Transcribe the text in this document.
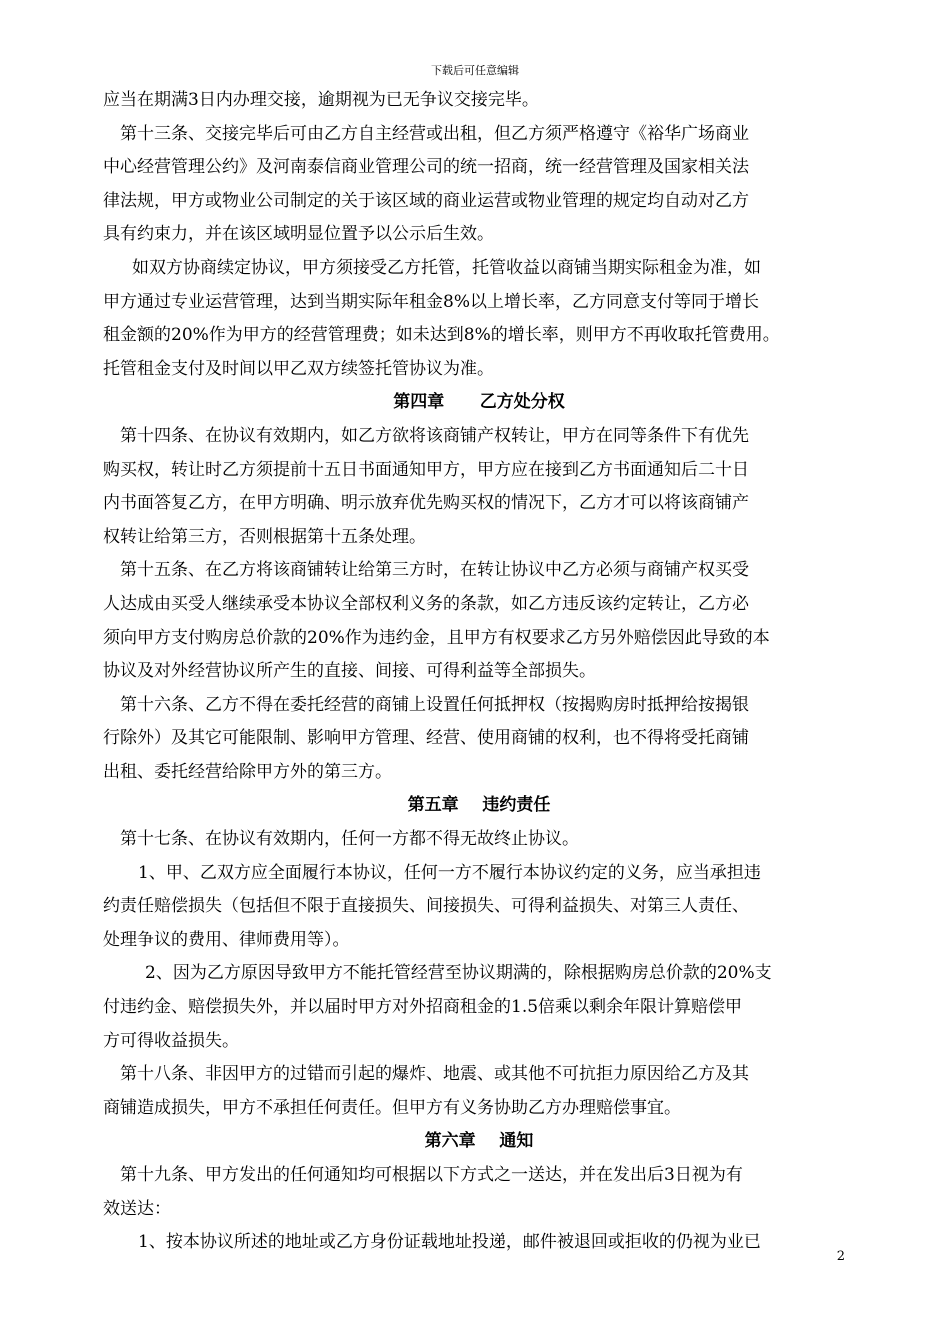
下载后可任意编辑

应当在期满3日内办理交接，逾期视为已无争议交接完毕。

第十三条、交接完毕后可由乙方自主经营或出租，但乙方须严格遵守《裕华广场商业

中心经营管理公约》及河南泰信商业管理公司的统一招商，统一经营管理及国家相关法

律法规，甲方或物业公司制定的关于该区域的商业运营或物业管理的规定均自动对乙方

具有约束力，并在该区域明显位置予以公示后生效。

如双方协商续定协议，甲方须接受乙方托管，托管收益以商铺当期实际租金为准，如

甲方通过专业运营管理，达到当期实际年租金8%以上增长率，乙方同意支付等同于增长

租金额的20%作为甲方的经营管理费；如未达到8%的增长率，则甲方不再收取托管费用。

托管租金支付及时间以甲乙双方续签托管协议为准。

第四章      乙方处分权

第十四条、在协议有效期内，如乙方欲将该商铺产权转让，甲方在同等条件下有优先

购买权，转让时乙方须提前十五日书面通知甲方，甲方应在接到乙方书面通知后二十日

内书面答复乙方，在甲方明确、明示放弃优先购买权的情况下，乙方才可以将该商铺产

权转让给第三方，否则根据第十五条处理。

第十五条、在乙方将该商铺转让给第三方时，在转让协议中乙方必须与商铺产权买受

人达成由买受人继续承受本协议全部权利义务的条款，如乙方违反该约定转让，乙方必

须向甲方支付购房总价款的20%作为违约金，且甲方有权要求乙方另外赔偿因此导致的本

协议及对外经营协议所产生的直接、间接、可得利益等全部损失。

第十六条、乙方不得在委托经营的商铺上设置任何抵押权（按揭购房时抵押给按揭银

行除外）及其它可能限制、影响甲方管理、经营、使用商铺的权利，也不得将受托商铺

出租、委托经营给除甲方外的第三方。

第五章    违约责任

第十七条、在协议有效期内，任何一方都不得无故终止协议。

1、甲、乙双方应全面履行本协议，任何一方不履行本协议约定的义务，应当承担违

约责任赔偿损失（包括但不限于直接损失、间接损失、可得利益损失、对第三人责任、

处理争议的费用、律师费用等）。

2、因为乙方原因导致甲方不能托管经营至协议期满的，除根据购房总价款的20%支

付违约金、赔偿损失外，并以届时甲方对外招商租金的1.5倍乘以剩余年限计算赔偿甲

方可得收益损失。

第十八条、非因甲方的过错而引起的爆炸、地震、或其他不可抗拒力原因给乙方及其

商铺造成损失，甲方不承担任何责任。但甲方有义务协助乙方办理赔偿事宜。

第六章    通知

第十九条、甲方发出的任何通知均可根据以下方式之一送达，并在发出后3日视为有

效送达：

1、按本协议所述的地址或乙方身份证载地址投递，邮件被退回或拒收的仍视为业已

2
